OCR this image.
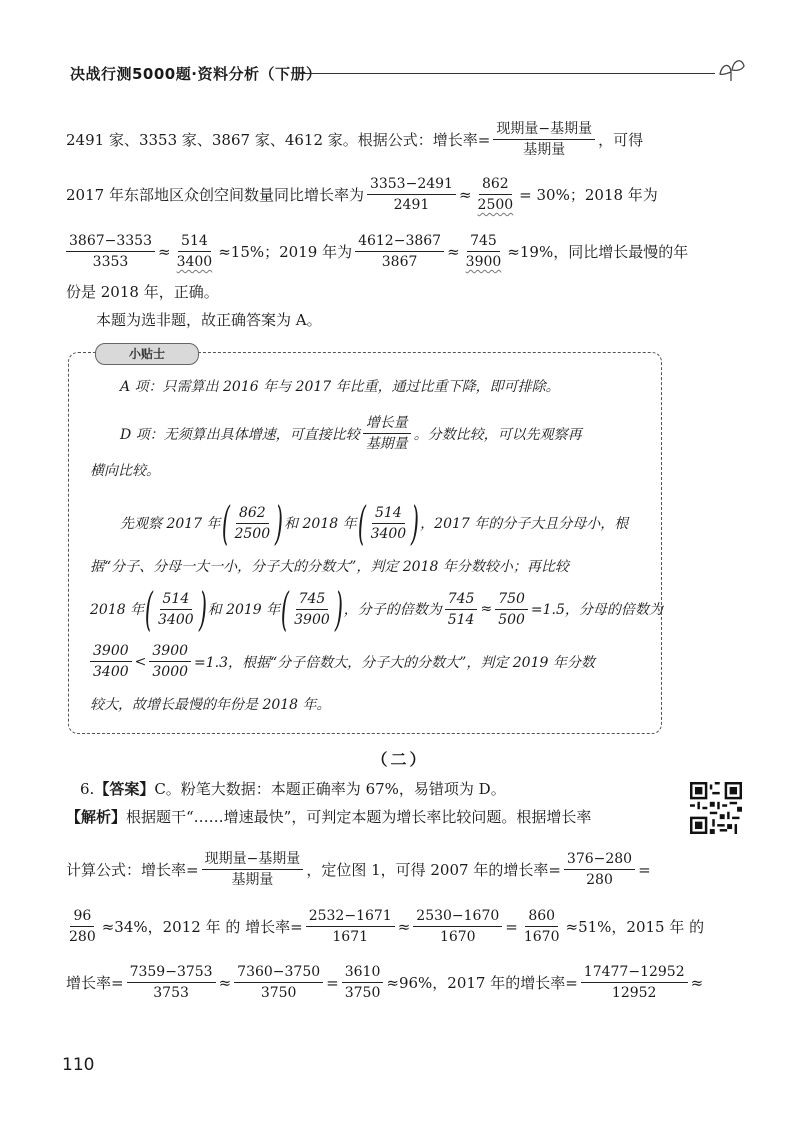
决战行测5000题·资料分析（下册）
2491 家、3353 家、3867 家、4612 家。根据公式：增长率= $\frac{\text{现期量−基期量}}{\text{基期量}}$ ，可得
2017 年东部地区众创空间数量同比增长率为 $\frac{3353-2491}{2491} \approx \frac{862}{2500} = 30\%$ ；2018 年为
$\frac{3867-3353}{3353} \approx \frac{514}{3400} \approx 15\%$；2019 年为 $\frac{4612-3867}{3867} \approx \frac{745}{3900} \approx 19\%$，同比增长最慢的年
份是 2018 年，正确。
本题为选非题，故正确答案为 A。
小贴士
A 项：只需算出 2016 年与 2017 年比重，通过比重下降，即可排除。
D 项：无须算出具体增速，可直接比较 $\frac{\text{增长量}}{\text{基期量}}$ 。分数比较，可以先观察再
横向比较。
先观察 2017 年 ( $\frac{862}{2500}$ ) 和 2018 年 ( $\frac{514}{3400}$ ) ，2017 年的分子大且分母小，根
据“分子、分母一大一小，分子大的分数大”，判定 2018 年分数较小；再比较
2018 年 ( $\frac{514}{3400}$ ) 和 2019 年 ( $\frac{745}{3900}$ ) ，分子的倍数为 $\frac{745}{514} \approx \frac{750}{500} =1.5$，分母的倍数为
$\frac{3900}{3400} < \frac{3900}{3000} =1.3$，根据“分子倍数大，分子大的分数大”，判定 2019 年分数
较大，故增长最慢的年份是 2018 年。
（二）
6. 【答案】 C。粉笔大数据：本题正确率为 67%，易错项为 D。
【解析】 根据题干“……增速最快”，可判定本题为增长率比较问题。根据增长率
计算公式：增长率= $\frac{\text{现期量−基期量}}{\text{基期量}}$ ，定位图 1，可得 2007 年的增长率= $\frac{376-280}{280}$ =
$\frac{96}{280} \approx 34\%$，2012 年 的 增长率= $\frac{2532-1671}{1671} \approx \frac{2530-1670}{1670} = \frac{860}{1670} \approx 51\%$，2015 年 的
增长率= $\frac{7359-3753}{3753} \approx \frac{7360-3750}{3750} = \frac{3610}{3750} \approx 96\%$，2017 年的增长率= $\frac{17477-12952}{12952}$ ≈
110
